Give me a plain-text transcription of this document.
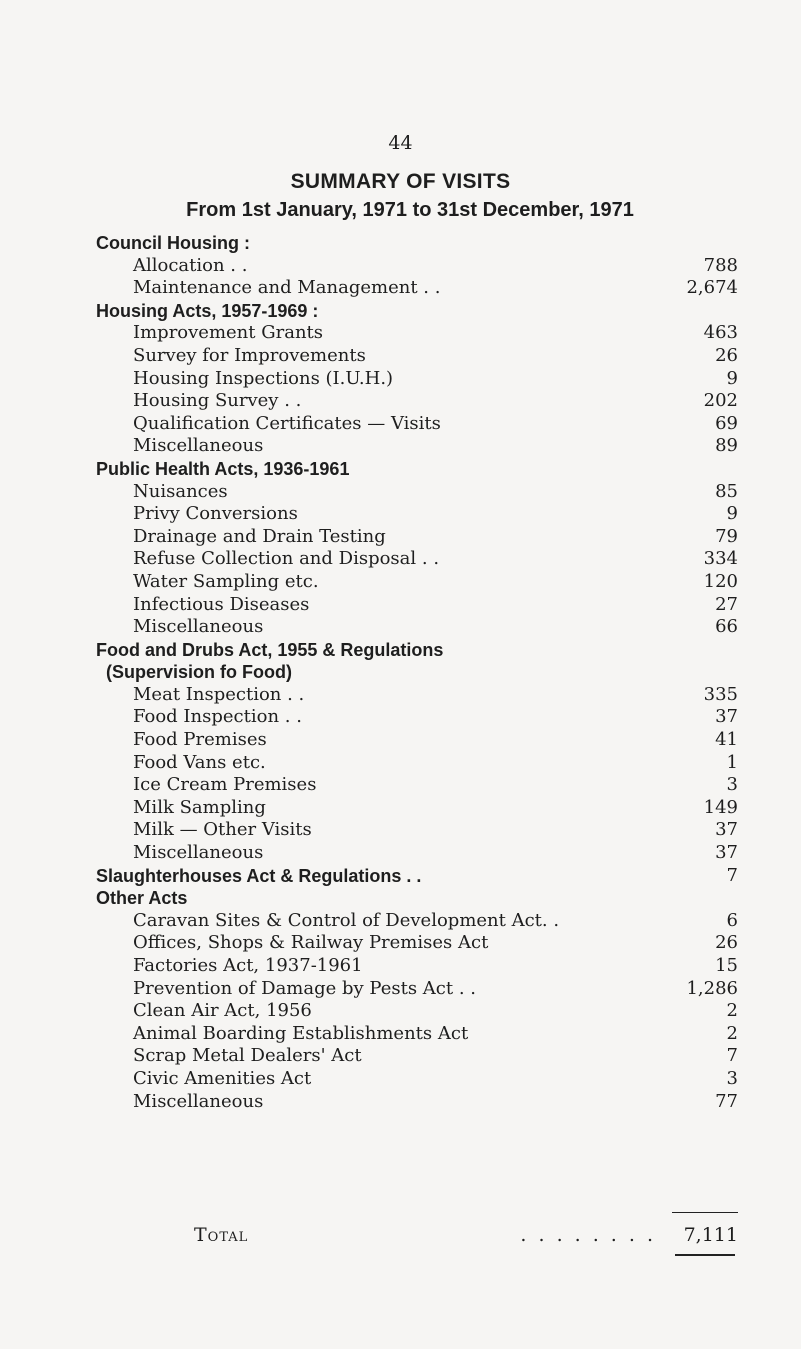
44
SUMMARY OF VISITS
From 1st January, 1971 to 31st December, 1971
Council Housing :
Allocation . .	788
Maintenance and Management . .	2,674
Housing Acts, 1957-1969 :
Improvement Grants	463
Survey for Improvements	26
Housing Inspections (I.U.H.)	9
Housing Survey . .	202
Qualification Certificates — Visits	69
Miscellaneous	89
Public Health Acts, 1936-1961
Nuisances	85
Privy Conversions	9
Drainage and Drain Testing	79
Refuse Collection and Disposal . .	334
Water Sampling etc.	120
Infectious Diseases	27
Miscellaneous	66
Food and Drubs Act, 1955 & Regulations
(Supervision fo Food)
Meat Inspection . .	335
Food Inspection . .	37
Food Premises	41
Food Vans etc.	1
Ice Cream Premises	3
Milk Sampling	149
Milk — Other Visits	37
Miscellaneous	37
Slaughterhouses Act & Regulations . .	7
Other Acts
Caravan Sites & Control of Development Act. .	6
Offices, Shops & Railway Premises Act	26
Factories Act, 1937-1961	15
Prevention of Damage by Pests Act . .	1,286
Clean Air Act, 1956	2
Animal Boarding Establishments Act	2
Scrap Metal Dealers' Act	7
Civic Amenities Act	3
Miscellaneous	77
Total	. . . . . . . . 7,111
